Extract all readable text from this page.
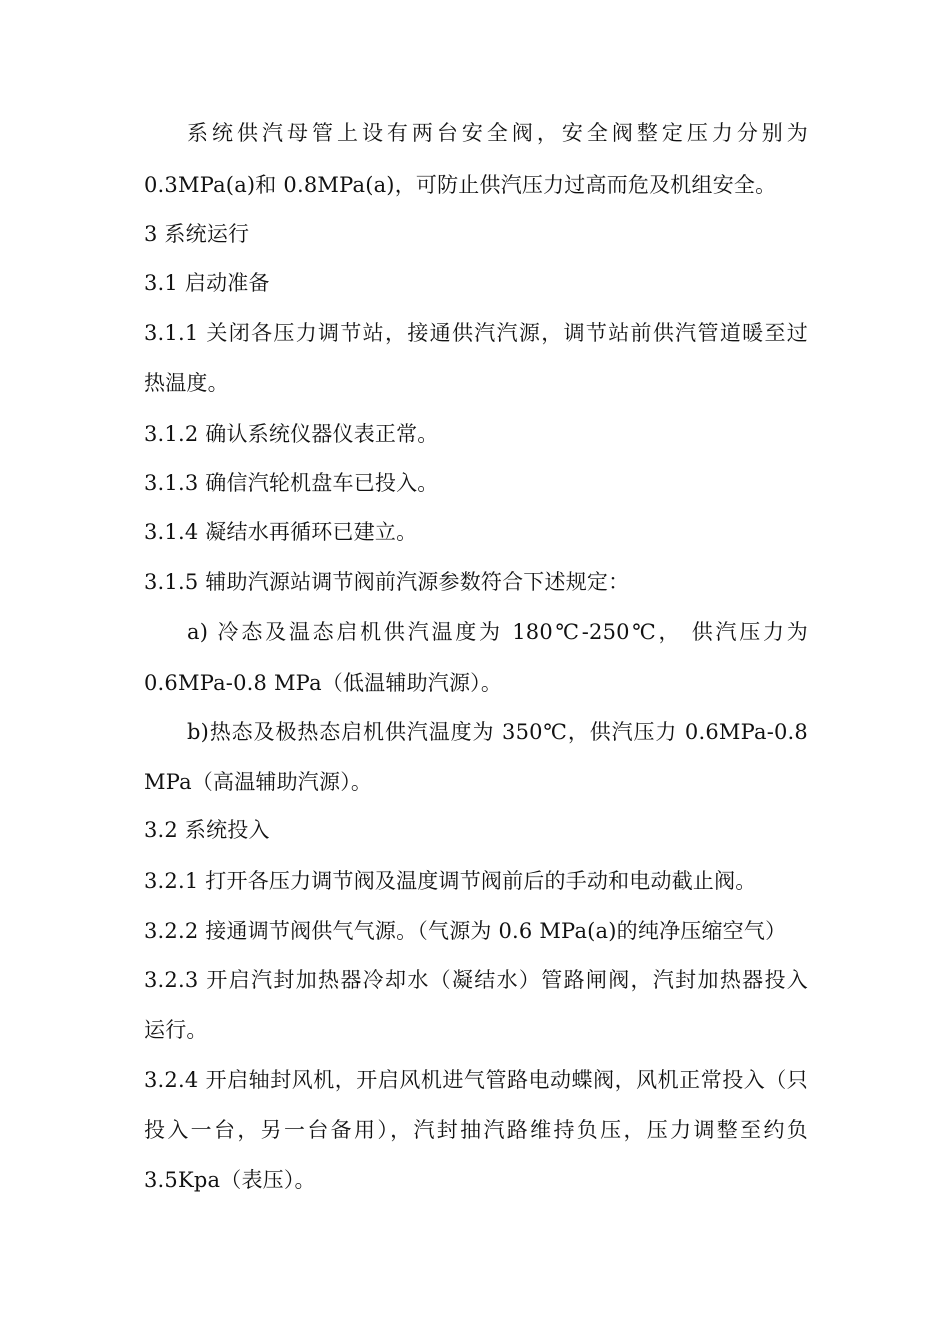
系统供汽母管上设有两台安全阀，安全阀整定压力分别为
0.3MPa(a)和 0.8MPa(a)，可防止供汽压力过高而危及机组安全。
3 系统运行
3.1 启动准备
3.1.1 关闭各压力调节站，接通供汽汽源，调节站前供汽管道暖至过
热温度。
3.1.2 确认系统仪器仪表正常。
3.1.3 确信汽轮机盘车已投入。
3.1.4 凝结水再循环已建立。
3.1.5 辅助汽源站调节阀前汽源参数符合下述规定：
a) 冷态及温态启机供汽温度为 180℃-250℃， 供汽压力为
0.6MPa-0.8 MPa（低温辅助汽源）。
b)热态及极热态启机供汽温度为 350℃，供汽压力 0.6MPa-0.8
MPa（高温辅助汽源）。
3.2 系统投入
3.2.1 打开各压力调节阀及温度调节阀前后的手动和电动截止阀。
3.2.2 接通调节阀供气气源。（气源为 0.6 MPa(a)的纯净压缩空气）
3.2.3 开启汽封加热器冷却水（凝结水）管路闸阀，汽封加热器投入
运行。
3.2.4 开启轴封风机，开启风机进气管路电动蝶阀，风机正常投入（只
投入一台，另一台备用），汽封抽汽路维持负压，压力调整至约负
3.5Kpa（表压）。
